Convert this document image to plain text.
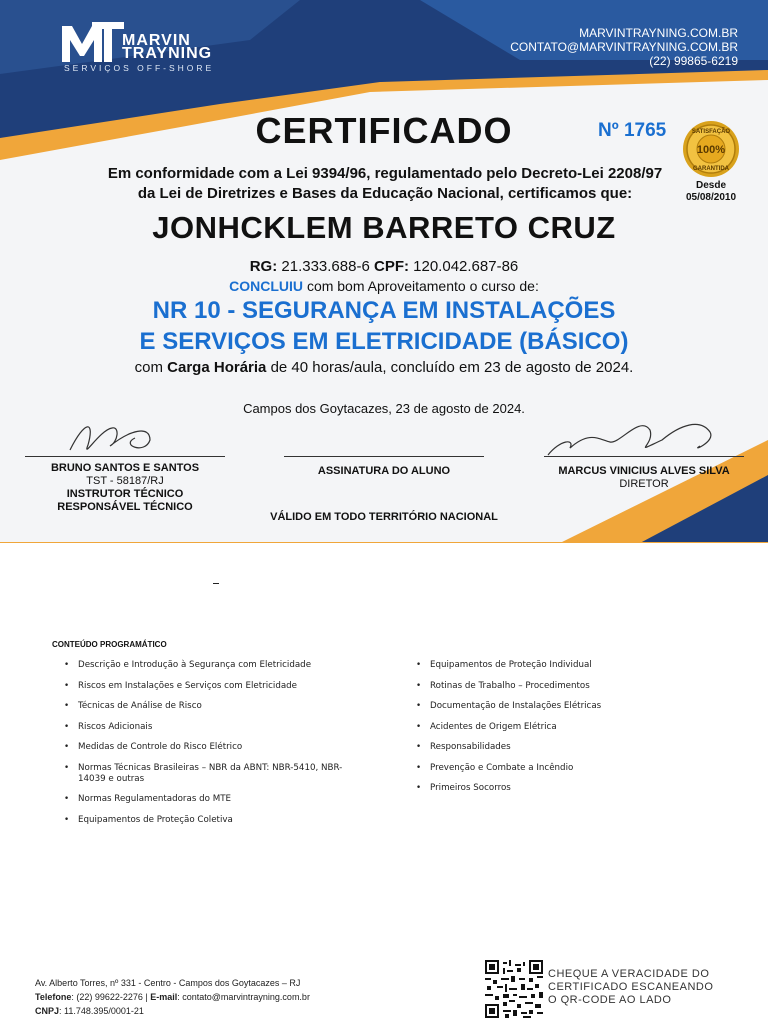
MARVIN
TRAYNING
SERVIÇOS OFF-SHORE
MARVINTRAYNING.COM.BR
CONTATO@MARVINTRAYNING.COM.BR
(22) 99865-6219
CERTIFICADO	Nº 1765
100%
SATISFAÇÃO
GARANTIDA
Desde
05/08/2010
Em conformidade com a Lei 9394/96, regulamentado pelo Decreto-Lei 2208/97
da Lei de Diretrizes e Bases da Educação Nacional, certificamos que:
JONHCKLEM BARRETO CRUZ
RG: 21.333.688-6 CPF: 120.042.687-86
CONCLUIU com bom Aproveitamento o curso de:
NR 10 - SEGURANÇA EM INSTALAÇÕES
E SERVIÇOS EM ELETRICIDADE (BÁSICO)
com Carga Horária de 40 horas/aula, concluído em 23 de agosto de 2024.
Campos dos Goytacazes, 23 de agosto de 2024.
BRUNO SANTOS E SANTOS
TST - 58187/RJ
INSTRUTOR TÉCNICO
RESPONSÁVEL TÉCNICO
ASSINATURA DO ALUNO	MARCUS VINICIUS ALVES SILVA
DIRETOR
VÁLIDO EM TODO TERRITÓRIO NACIONAL
CONTEÚDO PROGRAMÁTICO
• Descrição e Introdução à Segurança com Eletricidade
• Riscos em Instalações e Serviços com Eletricidade
• Técnicas de Análise de Risco
• Riscos Adicionais
• Medidas de Controle do Risco Elétrico
• Normas Técnicas Brasileiras – NBR da ABNT: NBR-5410, NBR-14039 e outras
• Normas Regulamentadoras do MTE
• Equipamentos de Proteção Coletiva
• Equipamentos de Proteção Individual
• Rotinas de Trabalho – Procedimentos
• Documentação de Instalações Elétricas
• Acidentes de Origem Elétrica
• Responsabilidades
• Prevenção e Combate a Incêndio
• Primeiros Socorros
Av. Alberto Torres, nº 331 - Centro - Campos dos Goytacazes – RJ
Telefone: (22) 99622-2276 | E-mail: contato@marvintrayning.com.br
CNPJ: 11.748.395/0001-21
CHEQUE A VERACIDADE DO
CERTIFICADO ESCANEANDO
O QR-CODE AO LADO
